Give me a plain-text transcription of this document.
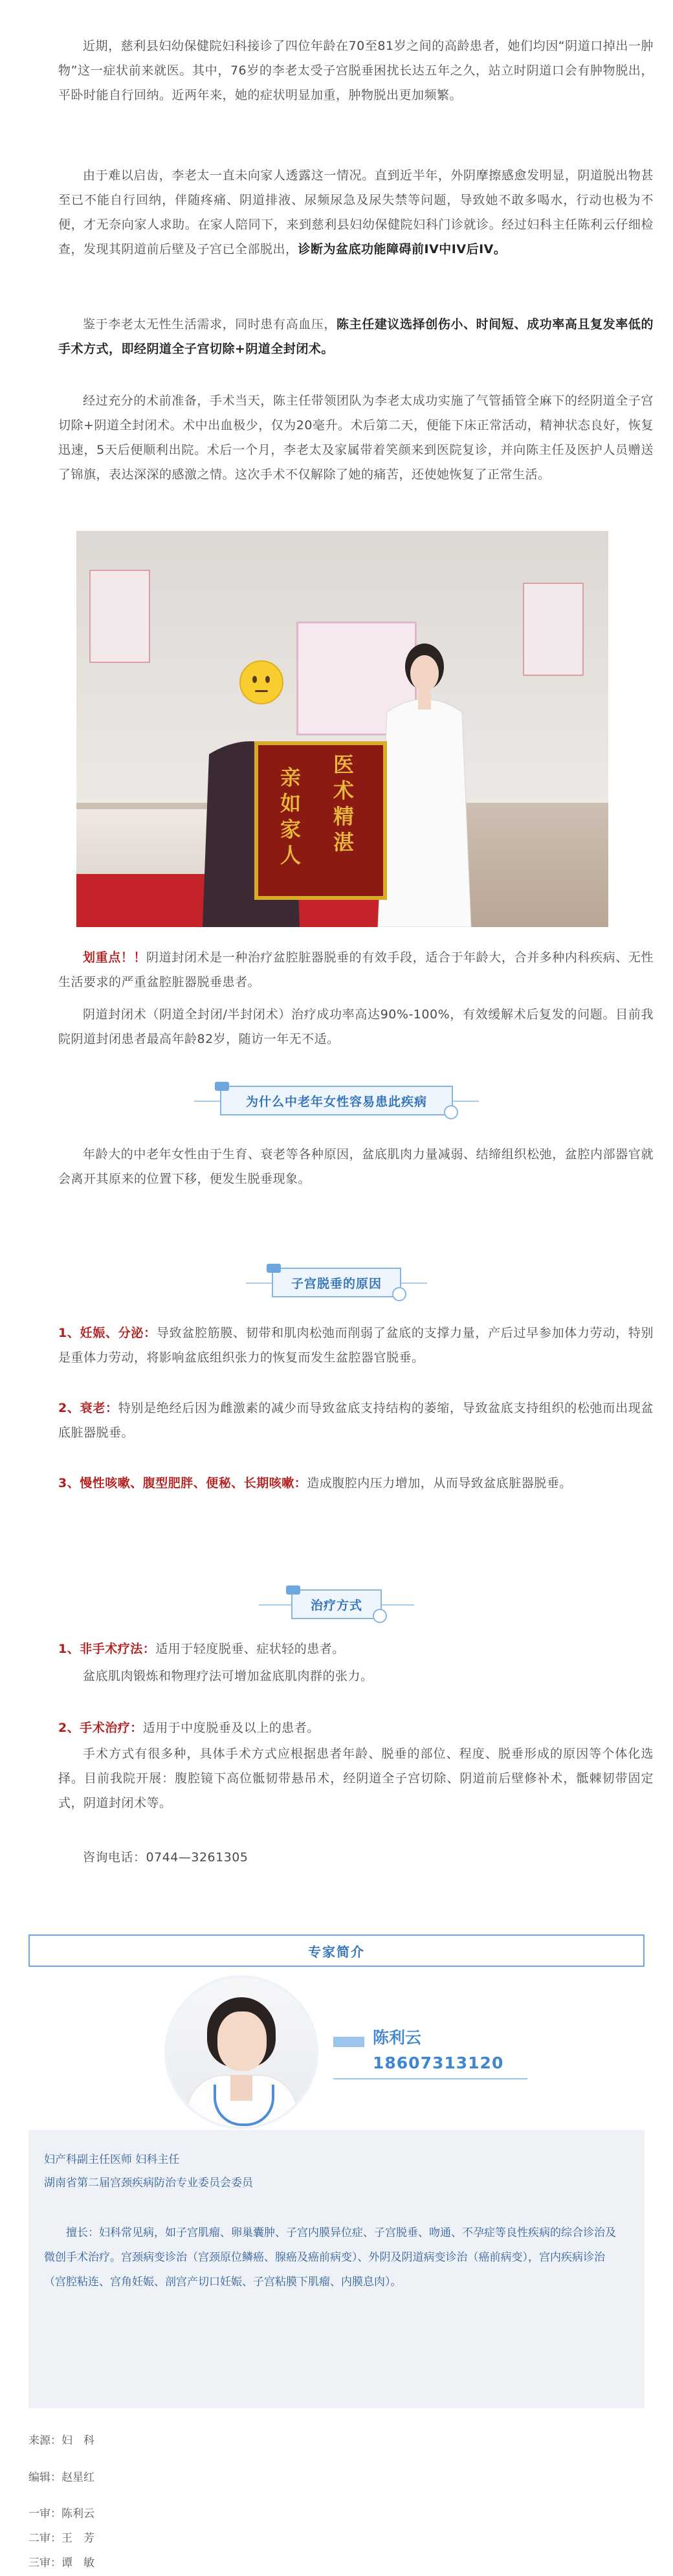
近期，慈利县妇幼保健院妇科接诊了四位年龄在70至81岁之间的高龄患者，她们均因“阴道口掉出一肿物”这一症状前来就医。其中，76岁的李老太受子宫脱垂困扰长达五年之久，站立时阴道口会有肿物脱出，平卧时能自行回纳。近两年来，她的症状明显加重，肿物脱出更加频繁。

由于难以启齿，李老太一直未向家人透露这一情况。直到近半年，外阴摩擦感愈发明显，阴道脱出物甚至已不能自行回纳，伴随疼痛、阴道排液、尿频尿急及尿失禁等问题，导致她不敢多喝水，行动也极为不便，才无奈向家人求助。在家人陪同下，来到慈利县妇幼保健院妇科门诊就诊。经过妇科主任陈利云仔细检查，发现其阴道前后壁及子宫已全部脱出，诊断为盆底功能障碍前IV中IV后IV。

鉴于李老太无性生活需求，同时患有高血压，陈主任建议选择创伤小、时间短、成功率高且复发率低的手术方式，即经阴道全子宫切除+阴道全封闭术。

经过充分的术前准备，手术当天，陈主任带领团队为李老太成功实施了气管插管全麻下的经阴道全子宫切除+阴道全封闭术。术中出血极少，仅为20毫升。术后第二天，便能下床正常活动，精神状态良好，恢复迅速，5天后便顺利出院。术后一个月，李老太及家属带着笑颜来到医院复诊，并向陈主任及医护人员赠送了锦旗，表达深深的感激之情。这次手术不仅解除了她的痛苦，还使她恢复了正常生活。

医
术
精
湛
亲
如
家
人

划重点！！阴道封闭术是一种治疗盆腔脏器脱垂的有效手段，适合于年龄大，合并多种内科疾病、无性生活要求的严重盆腔脏器脱垂患者。

阴道封闭术（阴道全封闭/半封闭术）治疗成功率高达90%-100%，有效缓解术后复发的问题。目前我院阴道封闭患者最高年龄82岁，随访一年无不适。

为什么中老年女性容易患此疾病

年龄大的中老年女性由于生育、衰老等各种原因，盆底肌肉力量减弱、结缔组织松弛，盆腔内部器官就会离开其原来的位置下移，便发生脱垂现象。

子宫脱垂的原因

1、妊娠、分泌：导致盆腔筋膜、韧带和肌肉松弛而削弱了盆底的支撑力量，产后过早参加体力劳动，特别是重体力劳动，将影响盆底组织张力的恢复而发生盆腔器官脱垂。

2、衰老：特别是绝经后因为雌激素的减少而导致盆底支持结构的萎缩，导致盆底支持组织的松弛而出现盆底脏器脱垂。

3、慢性咳嗽、腹型肥胖、便秘、长期咳嗽：造成腹腔内压力增加，从而导致盆底脏器脱垂。

治疗方式

1、非手术疗法：适用于轻度脱垂、症状轻的患者。

盆底肌肉锻炼和物理疗法可增加盆底肌肉群的张力。

2、手术治疗：适用于中度脱垂及以上的患者。

手术方式有很多种，具体手术方式应根据患者年龄、脱垂的部位、程度、脱垂形成的原因等个体化选择。目前我院开展：腹腔镜下高位骶韧带悬吊术，经阴道全子宫切除、阴道前后壁修补术，骶棘韧带固定式，阴道封闭术等。

咨询电话：0744—3261305

专家简介
陈利云
18607313120

妇产科副主任医师 妇科主任

湖南省第二届宫颈疾病防治专业委员会委员

擅长：妇科常见病，如子宫肌瘤、卵巢囊肿、子宫内膜异位症、子宫脱垂、吻通、不孕症等良性疾病的综合诊治及微创手术治疗。宫颈病变诊治（宫颈原位鳞癌、腺癌及癌前病变）、外阴及阴道病变诊治（癌前病变），宫内疾病诊治（宫腔粘连、宫角妊娠、剖宫产切口妊娠、子宫粘膜下肌瘤、内膜息肉）。

来源：妇　科
编辑：赵星红
一审：陈利云
二审：王　芳
三审：谭　敏
